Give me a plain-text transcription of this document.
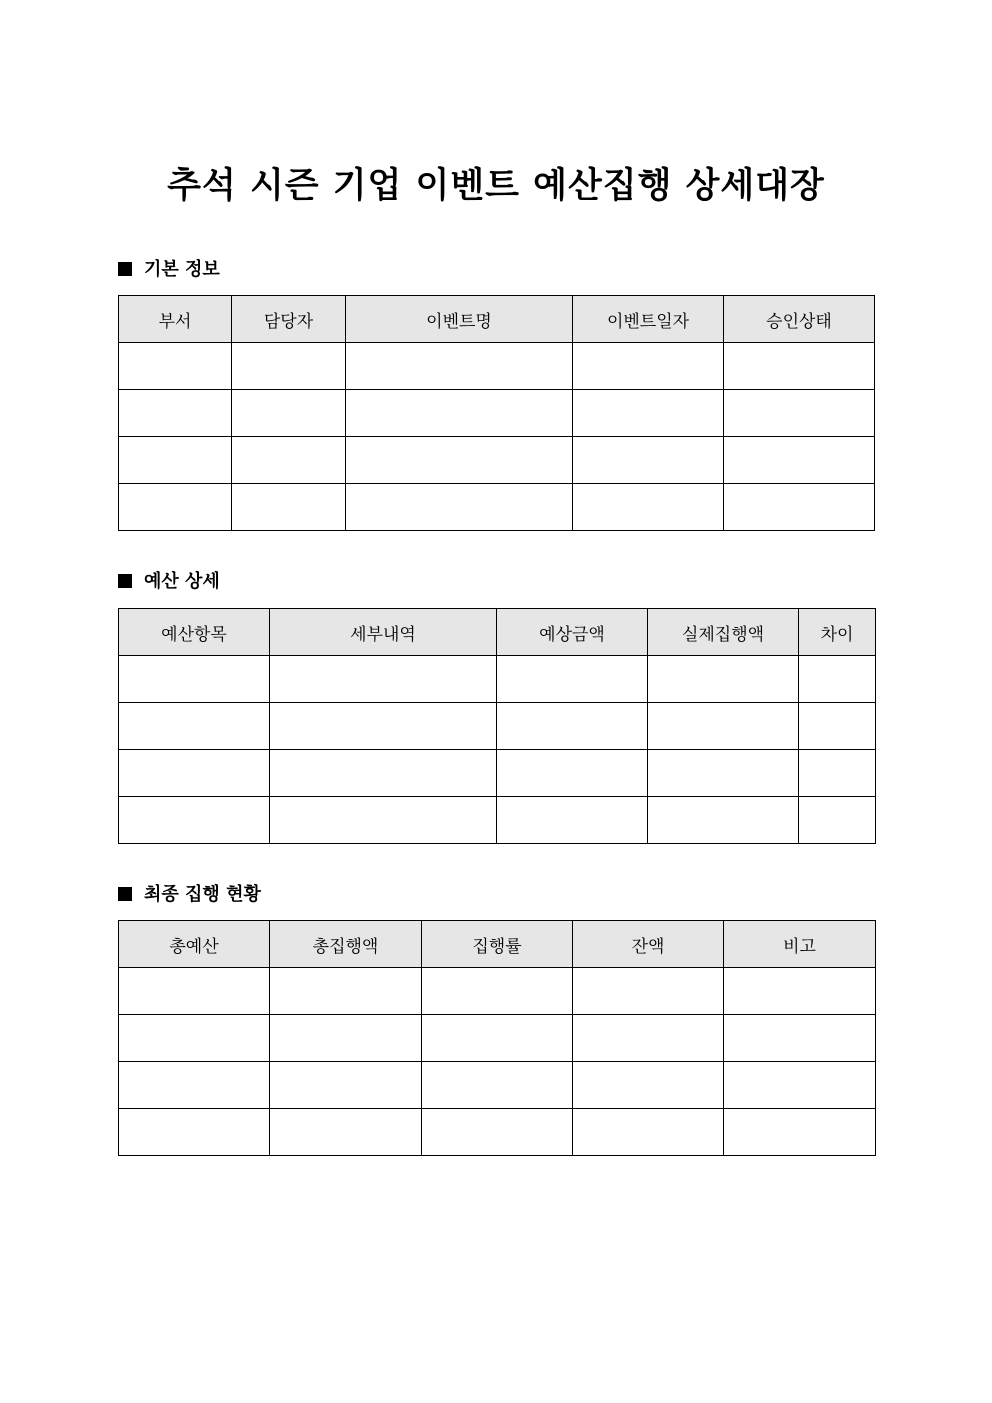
추석 시즌 기업 이벤트 예산집행 상세대장
기본 정보
부서	담당자	이벤트명	이벤트일자	승인상태

예산 상세
예산항목	세부내역	예상금액	실제집행액	차이

최종 집행 현황
총예산	총집행액	집행률	잔액	비고
